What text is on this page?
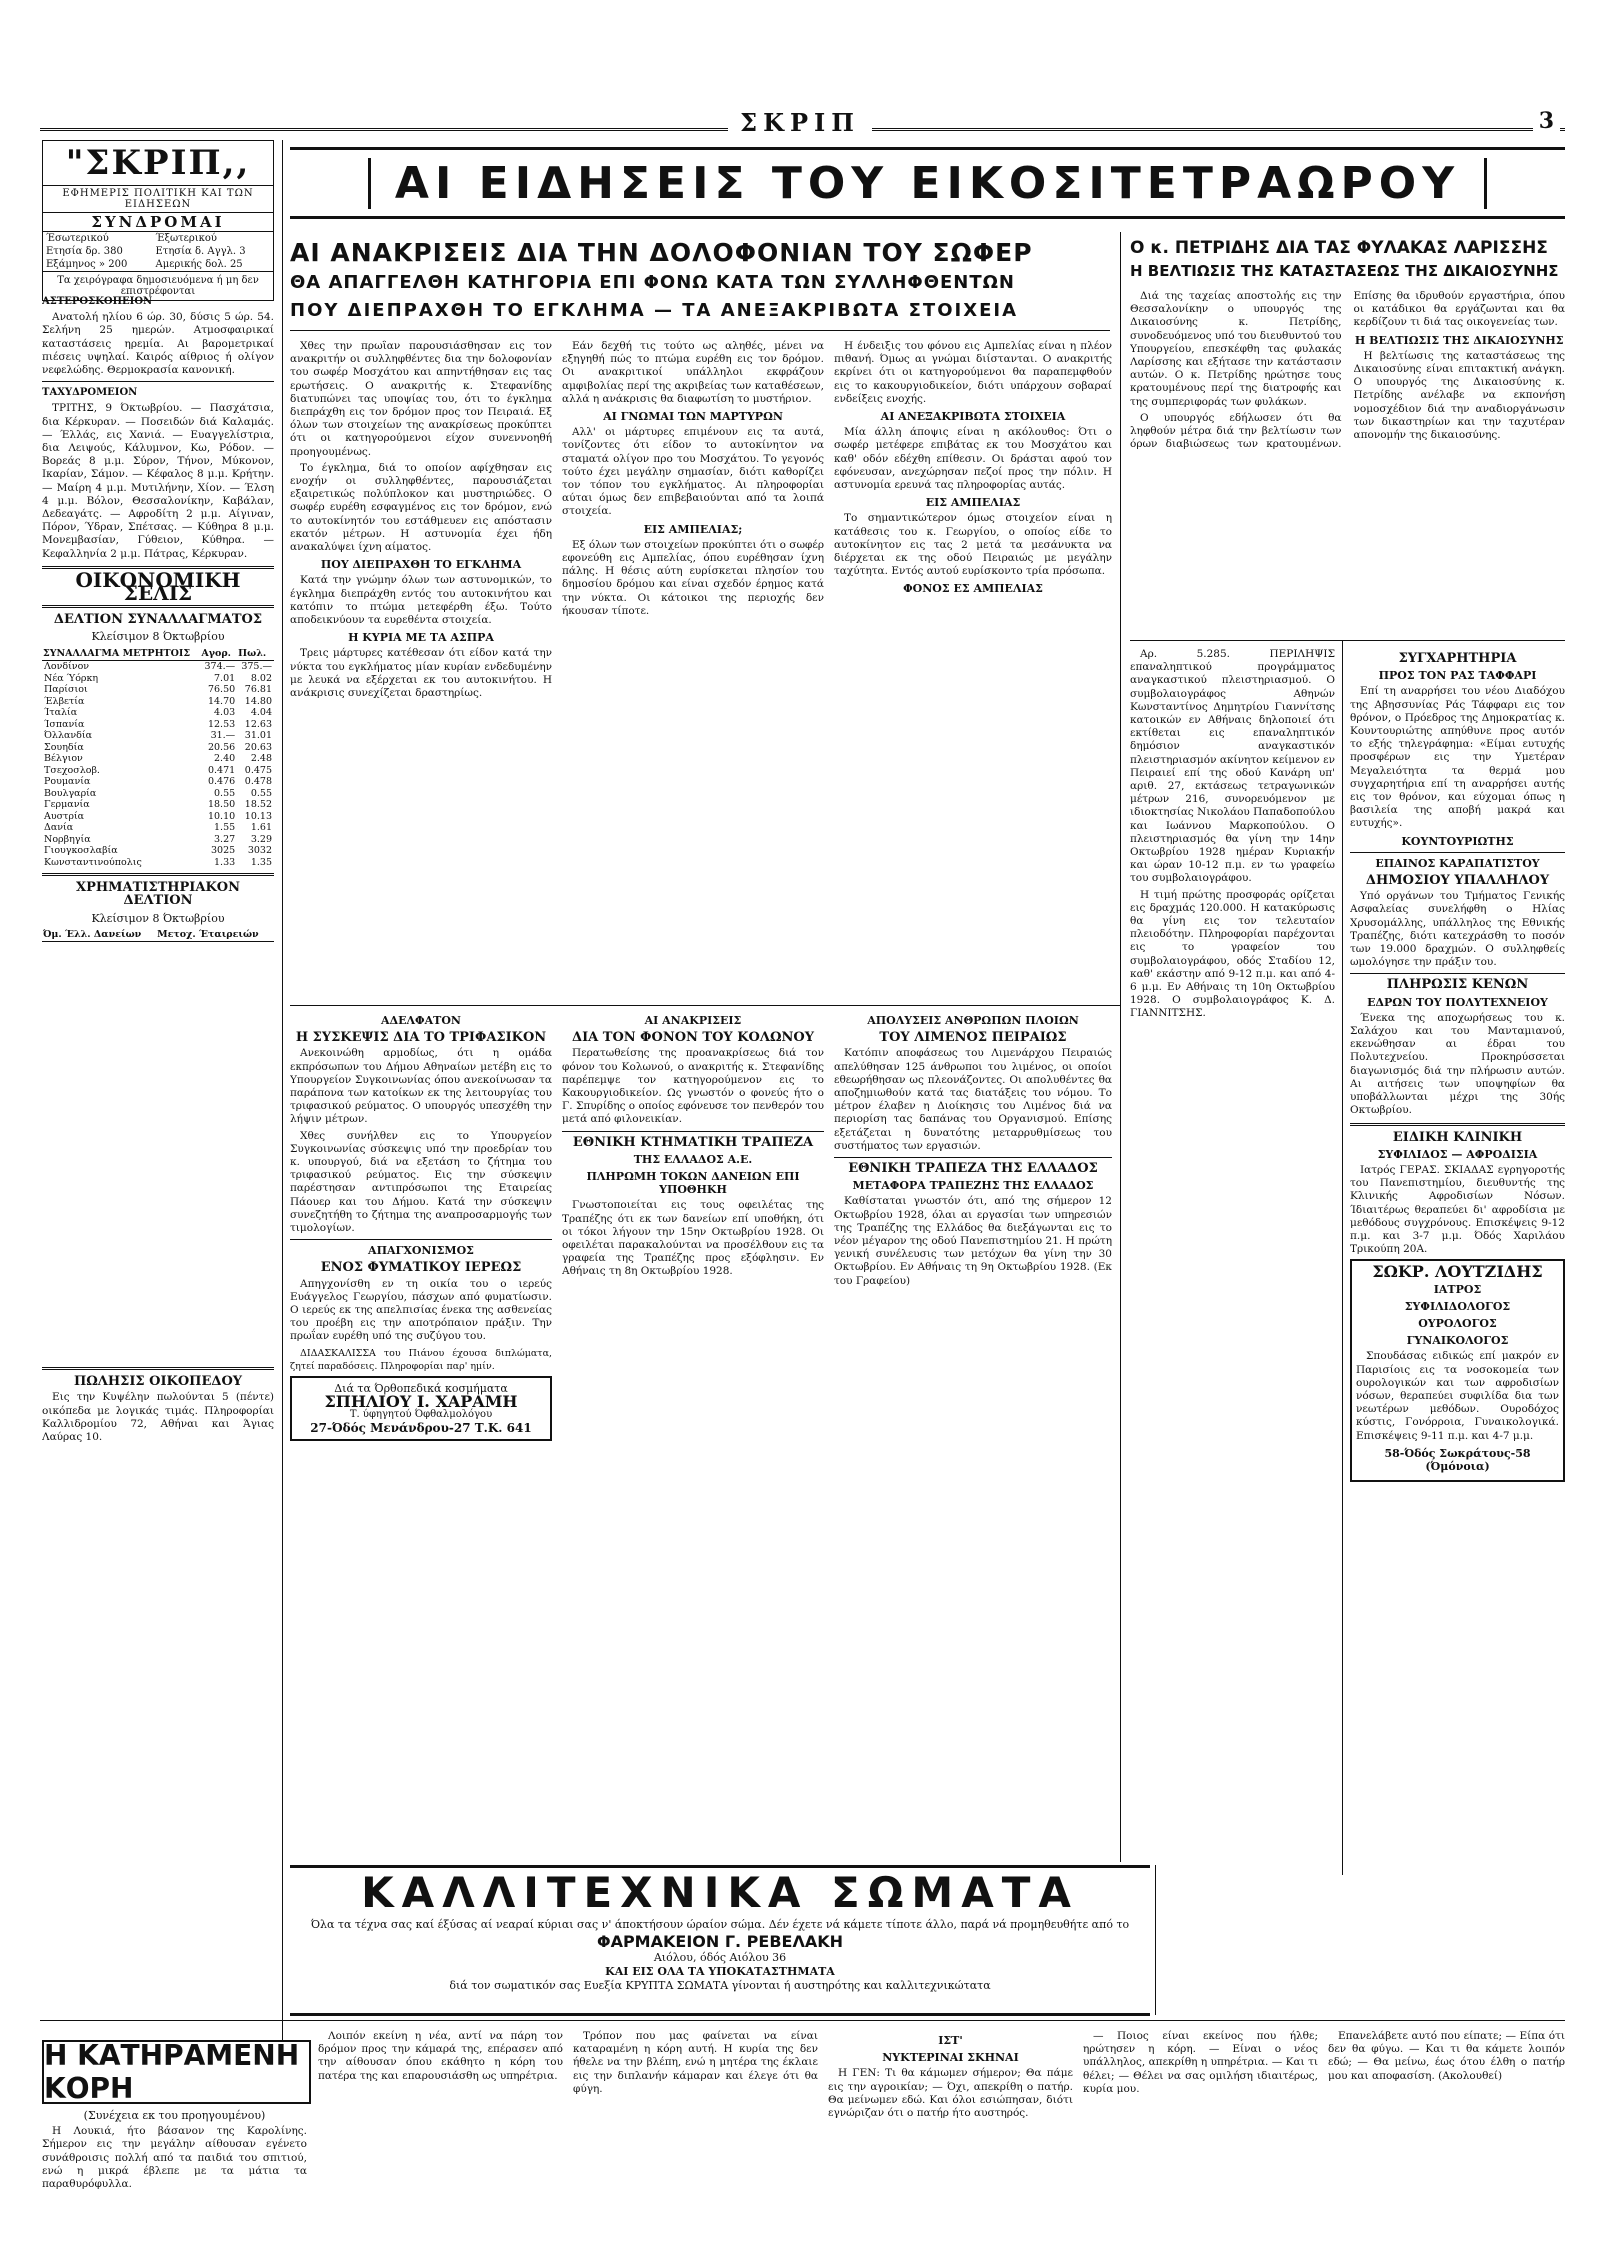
ΣΚΡΙΠ	3
"ΣΚΡΙΠ,,
ΕΦΗΜΕΡΙΣ ΠΟΛΙΤΙΚΗ ΚΑΙ ΤΩΝ ΕΙΔΗΣΕΩΝ
ΣΥΝΔΡΟΜΑΙ
Έσωτερικού	Έξωτερικού
Ετησία δρ. 380	Ετησία δ. Αγγλ. 3
Εξάμηνος » 200	Αμερικής δολ. 25
Τα χειρόγραφα δημοσιευόμενα ή μη δεν επιστρέφονται
ΑΙ ΕΙΔΗΣΕΙΣ ΤΟΥ ΕΙΚΟΣΙΤΕΤΡΑΩΡΟΥ
ΑΙ ΑΝΑΚΡΙΣΕΙΣ ΔΙΑ ΤΗΝ ΔΟΛΟΦΟΝΙΑΝ ΤΟΥ ΣΩΦΕΡ
ΘΑ ΑΠΑΓΓΕΛΘΗ ΚΑΤΗΓΟΡΙΑ ΕΠΙ ΦΟΝΩ ΚΑΤΑ ΤΩΝ ΣΥΛΛΗΦΘΕΝΤΩΝ
ΠΟΥ ΔΙΕΠΡΑΧΘΗ ΤΟ ΕΓΚΛΗΜΑ — ΤΑ ΑΝΕΞΑΚΡΙΒΩΤΑ ΣΤΟΙΧΕΙΑ
Ο κ. ΠΕΤΡΙΔΗΣ ΔΙΑ ΤΑΣ ΦΥΛΑΚΑΣ ΛΑΡΙΣΣΗΣ
Η ΒΕΛΤΙΩΣΙΣ ΤΗΣ ΚΑΤΑΣΤΑΣΕΩΣ ΤΗΣ ΔΙΚΑΙΟΣΥΝΗΣ
ΑΣΤΕΡΟΣΚΟΠΕΙΟΝ

Ανατολή ηλίου 6 ώρ. 30, δύσις 5 ώρ. 54. Σελήνη 25 ημερών. Ατμοσφαιρικαί καταστάσεις ηρεμία. Αι βαρομετρικαί πιέσεις υψηλαί. Καιρός αίθριος ή ολίγον νεφελώδης. Θερμοκρασία κανονική.

ΤΑΧΥΔΡΟΜΕΙΟΝ

ΤΡΙΤΗΣ, 9 Όκτωβρίου. — Πασχάτσια, δια Κέρκυραν. — Ποσειδών διά Καλαμάς. — Έλλάς, εις Χανιά. — Ευαγγελίστρια, δια Λειψούς, Κάλυμνον, Κω, Ρόδον. — Βορεάς 8 μ.μ. Σύρον, Τήνον, Μύκονον, Ικαρίαν, Σάμον. — Κέφαλος 8 μ.μ. Κρήτην. — Μαίρη 4 μ.μ. Μυτιλήνην, Χίον. — Έλση 4 μ.μ. Βόλον, Θεσσαλονίκην, Καβάλαν, Δεδεαγάτς. — Αφροδίτη 2 μ.μ. Αίγιναν, Πόρον, Ύδραν, Σπέτσας. — Κύθηρα 8 μ.μ. Μονεμβασίαν, Γύθειον, Κύθηρα. — Κεφαλληνία 2 μ.μ. Πάτρας, Κέρκυραν.

ΟΙΚΟΝΟΜΙΚΗ ΣΕΛΙΣ
ΔΕΛΤΙΟΝ ΣΥΝΑΛΛΑΓΜΑΤΟΣ
Κλείσιμον 8 Όκτωβρίου
ΣΥΝΑΛΛΑΓΜΑ ΜΕΤΡΗΤΟΙΣ	Αγορ.	Πωλ.
Λονδίνον	374.—	375.—
Νέα Ύόρκη	7.01	8.02
Παρίσιοι	76.50	76.81
Έλβετία	14.70	14.80
Ίταλία	4.03	4.04
Ίσπανία	12.53	12.63
Όλλανδία	31.—	31.01
Σουηδία	20.56	20.63
Βέλγιον	2.40	2.48
Τσεχοσλοβ.	0.471	0.475
Ρουμανία	0.476	0.478
Βουλγαρία	0.55	0.55
Γερμανία	18.50	18.52
Αυστρία	10.10	10.13
Δανία	1.55	1.61
Νορβηγία	3.27	3.29
Γιουγκοσλαβία	3025	3032
Κωνσταντινούπολις	1.33	1.35
ΧΡΗΜΑΤΙΣΤΗΡΙΑΚΟΝ ΔΕΛΤΙΟΝ
Κλείσιμον 8 Όκτωβρίου
Όμ. Έλλ. Δανείων	Μετοχ. Έταιρειών
ΠΩΛΗΣΙΣ ΟΙΚΟΠΕΔΟΥ

Εις την Κυψέλην πωλούνται 5 (πέντε) οικόπεδα με λογικάς τιμάς. Πληροφορίαι Καλλιδρομίου 72, Αθήναι και Άγιας Λαύρας 10.

Χθες την πρωΐαν παρουσιάσθησαν εις τον ανακριτήν οι συλληφθέντες δια την δολοφονίαν του σωφέρ Μοσχάτου και απηντήθησαν εις τας ερωτήσεις. Ο ανακριτής κ. Στεφανίδης διατυπώνει τας υποψίας του, ότι το έγκλημα διεπράχθη εις τον δρόμον προς τον Πειραιά. Εξ όλων των στοιχείων της ανακρίσεως προκύπτει ότι οι κατηγορούμενοι είχον συνεννοηθή προηγουμένως.

Το έγκλημα, διά το οποίον αφίχθησαν εις ενοχήν οι συλληφθέντες, παρουσιάζεται εξαιρετικώς πολύπλοκον και μυστηριώδες. Ο σωφέρ ευρέθη εσφαγμένος εις τον δρόμον, ενώ το αυτοκίνητόν του εστάθμευεν εις απόστασιν εκατόν μέτρων. Η αστυνομία έχει ήδη ανακαλύψει ίχνη αίματος.

ΠΟΥ ΔΙΕΠΡΑΧΘΗ ΤΟ ΕΓΚΛΗΜΑ

Κατά την γνώμην όλων των αστυνομικών, το έγκλημα διεπράχθη εντός του αυτοκινήτου και κατόπιν το πτώμα μετεφέρθη έξω. Τούτο αποδεικνύουν τα ευρεθέντα στοιχεία.

Η ΚΥΡΙΑ ΜΕ ΤΑ ΑΣΠΡΑ

Τρεις μάρτυρες κατέθεσαν ότι είδον κατά την νύκτα του εγκλήματος μίαν κυρίαν ενδεδυμένην με λευκά να εξέρχεται εκ του αυτοκινήτου. Η ανάκρισις συνεχίζεται δραστηρίως.

Εάν δεχθή τις τούτο ως αληθές, μένει να εξηγηθή πώς το πτώμα ευρέθη εις τον δρόμον. Οι ανακριτικοί υπάλληλοι εκφράζουν αμφιβολίας περί της ακριβείας των καταθέσεων, αλλά η ανάκρισις θα διαφωτίση το μυστήριον.

ΑΙ ΓΝΩΜΑΙ ΤΩΝ ΜΑΡΤΥΡΩΝ

Αλλ' οι μάρτυρες επιμένουν εις τα αυτά, τονίζοντες ότι είδον το αυτοκίνητον να σταματά ολίγον προ του Μοσχάτου. Το γεγονός τούτο έχει μεγάλην σημασίαν, διότι καθορίζει τον τόπον του εγκλήματος. Αι πληροφορίαι αύται όμως δεν επιβεβαιούνται από τα λοιπά στοιχεία.

ΕΙΣ ΑΜΠΕΛΙΑΣ;

Εξ όλων των στοιχείων προκύπτει ότι ο σωφέρ εφονεύθη εις Αμπελίας, όπου ευρέθησαν ίχνη πάλης. Η θέσις αύτη ευρίσκεται πλησίον του δημοσίου δρόμου και είναι σχεδόν έρημος κατά την νύκτα. Οι κάτοικοι της περιοχής δεν ήκουσαν τίποτε.

Η ένδειξις του φόνου εις Αμπελίας είναι η πλέον πιθανή. Όμως αι γνώμαι διίστανται. Ο ανακριτής εκρίνει ότι οι κατηγορούμενοι θα παραπεμφθούν εις το κακουργιοδικείον, διότι υπάρχουν σοβαραί ενδείξεις ενοχής.

ΑΙ ΑΝΕΞΑΚΡΙΒΩΤΑ ΣΤΟΙΧΕΙΑ

Μία άλλη άποψις είναι η ακόλουθος: Ότι ο σωφέρ μετέφερε επιβάτας εκ του Μοσχάτου και καθ' οδόν εδέχθη επίθεσιν. Οι δράσται αφού τον εφόνευσαν, ανεχώρησαν πεζοί προς την πόλιν. Η αστυνομία ερευνά τας πληροφορίας αυτάς.

ΕΙΣ ΑΜΠΕΛΙΑΣ

Το σημαντικώτερον όμως στοιχείον είναι η κατάθεσις του κ. Γεωργίου, ο οποίος είδε το αυτοκίνητον εις τας 2 μετά τα μεσάνυκτα να διέρχεται εκ της οδού Πειραιώς με μεγάλην ταχύτητα. Εντός αυτού ευρίσκοντο τρία πρόσωπα.

ΦΟΝΟΣ ΕΣ ΑΜΠΕΛΙΑΣ

Διά της ταχείας αποστολής εις την Θεσσαλονίκην ο υπουργός της Δικαιοσύνης κ. Πετρίδης, συνοδευόμενος υπό του διευθυντού του Υπουργείου, επεσκέφθη τας φυλακάς Λαρίσσης και εξήτασε την κατάστασιν αυτών. Ο κ. Πετρίδης ηρώτησε τους κρατουμένους περί της διατροφής και της συμπεριφοράς των φυλάκων.

Ο υπουργός εδήλωσεν ότι θα ληφθούν μέτρα διά την βελτίωσιν των όρων διαβιώσεως των κρατουμένων. Επίσης θα ιδρυθούν εργαστήρια, όπου οι κατάδικοι θα εργάζωνται και θα κερδίζουν τι διά τας οικογενείας των.

Η ΒΕΛΤΙΩΣΙΣ ΤΗΣ ΔΙΚΑΙΟΣΥΝΗΣ

Η βελτίωσις της καταστάσεως της Δικαιοσύνης είναι επιτακτική ανάγκη. Ο υπουργός της Δικαιοσύνης κ. Πετρίδης ανέλαβε να εκπονήση νομοσχέδιον διά την αναδιοργάνωσιν των δικαστηρίων και την ταχυτέραν απονομήν της δικαιοσύνης.

Αρ. 5.285. ΠΕΡΙΛΗΨΙΣ επαναληπτικού προγράμματος αναγκαστικού πλειστηριασμού. Ο συμβολαιογράφος Αθηνών Κωνσταντίνος Δημητρίου Γιαννίτσης κατοικών εν Αθήναις δηλοποιεί ότι εκτίθεται εις επαναληπτικόν δημόσιον αναγκαστικόν πλειστηριασμόν ακίνητον κείμενον εν Πειραιεί επί της οδού Κανάρη υπ' αριθ. 27, εκτάσεως τετραγωνικών μέτρων 216, συνορευόμενον με ιδιοκτησίας Νικολάου Παπαδοπούλου και Ιωάννου Μαρκοπούλου. Ο πλειστηριασμός θα γίνη την 14ην Οκτωβρίου 1928 ημέραν Κυριακήν και ώραν 10-12 π.μ. εν τω γραφείω του συμβολαιογράφου.

Η τιμή πρώτης προσφοράς ορίζεται εις δραχμάς 120.000. Η κατακύρωσις θα γίνη εις τον τελευταίον πλειοδότην. Πληροφορίαι παρέχονται εις το γραφείον του συμβολαιογράφου, οδός Σταδίου 12, καθ' εκάστην από 9-12 π.μ. και από 4-6 μ.μ. Εν Αθήναις τη 10η Οκτωβρίου 1928. Ο συμβολαιογράφος Κ. Δ. ΓΙΑΝΝΙΤΣΗΣ.

ΣΥΓΧΑΡΗΤΗΡΙΑ
ΠΡΟΣ ΤΟΝ ΡΑΣ ΤΑΦΦΑΡΙ

Επί τη αναρρήσει του νέου Διαδόχου της Αβησσυνίας Ράς Τάφφαρι εις τον θρόνον, ο Πρόεδρος της Δημοκρατίας κ. Κουντουριώτης απηύθυνε προς αυτόν το εξής τηλεγράφημα: «Είμαι ευτυχής προσφέρων εις την Υμετέραν Μεγαλειότητα τα θερμά μου συγχαρητήρια επί τη αναρρήσει αυτής εις τον θρόνον, και εύχομαι όπως η βασιλεία της αποβή μακρά και ευτυχής».

ΚΟΥΝΤΟΥΡΙΩΤΗΣ
ΕΠΑΙΝΟΣ ΚΑΡΑΠΑΤΙΣΤΟΥ
ΔΗΜΟΣΙΟΥ ΥΠΑΛΛΗΛΟΥ

Υπό οργάνων του Τμήματος Γενικής Ασφαλείας συνελήφθη ο Ηλίας Χρυσομάλλης, υπάλληλος της Εθνικής Τραπέζης, διότι κατεχράσθη το ποσόν των 19.000 δραχμών. Ο συλληφθείς ωμολόγησε την πράξιν του.

ΠΛΗΡΩΣΙΣ ΚΕΝΩΝ
ΕΔΡΩΝ ΤΟΥ ΠΟΛΥΤΕΧΝΕΙΟΥ

Ένεκα της αποχωρήσεως του κ. Σαλάχου και του Μανταμιανού, εκενώθησαν αι έδραι του Πολυτεχνείου. Προκηρύσσεται διαγωνισμός διά την πλήρωσιν αυτών. Αι αιτήσεις των υποψηφίων θα υποβάλλωνται μέχρι της 30ής Οκτωβρίου.

ΕΙΔΙΚΗ ΚΛΙΝΙΚΗ
ΣΥΦΙΛΙΔΟΣ — ΑΦΡΟΔΙΣΙΑ

Ιατρός ΓΕΡΑΣ. ΣΚΙΑΔΑΣ εγρηγοροτής του Πανεπιστημίου, διευθυντής της Κλινικής Αφροδισίων Νόσων. Ίδιαιτέρως θεραπεύει δι' αφροδίσια με μεθόδους συγχρόνους. Επισκέψεις 9-12 π.μ. και 3-7 μ.μ. Όδός Χαριλάου Τρικούπη 20Α.

ΣΩΚΡ. ΛΟΥΤΖΙΔΗΣ
ΙΑΤΡΟΣ
ΣΥΦΙΛΙΔΟΛΟΓΟΣ
ΟΥΡΟΛΟΓΟΣ
ΓΥΝΑΙΚΟΛΟΓΟΣ

Σπουδάσας ειδικώς επί μακρόν εν Παρισίοις εις τα νοσοκομεία των ουρολογικών και των αφροδισίων νόσων, θεραπεύει συφιλίδα δια των νεωτέρων μεθόδων. Ουροδόχος κύστις, Γονόρροια, Γυναικολογικά. Επισκέψεις 9-11 π.μ. και 4-7 μ.μ.

58-Όδός Σωκράτους-58 (Όμόνοια)
ΑΔΕΛΦΑΤΟΝ
Η ΣΥΣΚΕΨΙΣ ΔΙΑ ΤΟ ΤΡΙΦΑΣΙΚΟΝ

Ανεκοινώθη αρμοδίως, ότι η ομάδα εκπρόσωπων του Δήμου Αθηναίων μετέβη εις το Υπουργείον Συγκοινωνίας όπου ανεκοίνωσαν τα παράπονα των κατοίκων εκ της λειτουργίας του τριφασικού ρεύματος. Ο υπουργός υπεσχέθη την λήψιν μέτρων.

Χθες συνήλθεν εις το Υπουργείον Συγκοινωνίας σύσκεψις υπό την προεδρίαν του κ. υπουργού, διά να εξετάση το ζήτημα του τριφασικού ρεύματος. Εις την σύσκεψιν παρέστησαν αντιπρόσωποι της Εταιρείας Πάουερ και του Δήμου. Κατά την σύσκεψιν συνεζητήθη το ζήτημα της αναπροσαρμογής των τιμολογίων.

ΑΠΑΓΧΟΝΙΣΜΟΣ
ΕΝΟΣ ΦΥΜΑΤΙΚΟΥ ΙΕΡΕΩΣ

Απηγχονίσθη εν τη οικία του ο ιερεύς Ευάγγελος Γεωργίου, πάσχων από φυματίωσιν. Ο ιερεύς εκ της απελπισίας ένεκα της ασθενείας του προέβη εις την αποτρόπαιον πράξιν. Την πρωΐαν ευρέθη υπό της συζύγου του.

ΔΙΔΑΣΚΑΛΙΣΣΑ του Πιάνου έχουσα διπλώματα, ζητεί παραδόσεις. Πληροφορίαι παρ' ημίν.

Διά τα Όρθοπεδικά κοσμήματα
ΣΠΗΛΙΟΥ Ι. ΧΑΡΑΜΗ
Τ. ύφηγητού Όφθαλμολόγου
27-Όδός Μενάνδρου-27 Τ.Κ. 641
ΑΙ ΑΝΑΚΡΙΣΕΙΣ
ΔΙΑ ΤΟΝ ΦΟΝΟΝ ΤΟΥ ΚΟΛΩΝΟΥ

Περατωθείσης της προανακρίσεως διά τον φόνον του Κολωνού, ο ανακριτής κ. Στεφανίδης παρέπεμψε τον κατηγορούμενον εις το Κακουργιοδικείον. Ως γνωστόν ο φονεύς ήτο ο Γ. Σπυρίδης ο οποίος εφόνευσε τον πενθερόν του μετά από φιλονεικίαν.

ΕΘΝΙΚΗ ΚΤΗΜΑΤΙΚΗ ΤΡΑΠΕΖΑ
ΤΗΣ ΕΛΛΑΔΟΣ Α.Ε.
ΠΛΗΡΩΜΗ ΤΟΚΩΝ ΔΑΝΕΙΩΝ ΕΠΙ ΥΠΟΘΗΚΗ

Γνωστοποιείται εις τους οφειλέτας της Τραπέζης ότι εκ των δανείων επί υποθήκη, ότι οι τόκοι λήγουν την 15ην Οκτωβρίου 1928. Οι οφειλέται παρακαλούνται να προσέλθουν εις τα γραφεία της Τραπέζης προς εξόφλησιν. Εν Αθήναις τη 8η Οκτωβρίου 1928.

ΑΠΟΛΥΣΕΙΣ ΑΝΘΡΩΠΩΝ ΠΛΟΙΩΝ
ΤΟΥ ΛΙΜΕΝΟΣ ΠΕΙΡΑΙΩΣ

Κατόπιν αποφάσεως του Λιμενάρχου Πειραιώς απελύθησαν 125 άνθρωποι του λιμένος, οι οποίοι εθεωρήθησαν ως πλεονάζοντες. Οι απολυθέντες θα αποζημιωθούν κατά τας διατάξεις του νόμου. Το μέτρον έλαβεν η Διοίκησις του Λιμένος διά να περιορίση τας δαπάνας του Οργανισμού. Επίσης εξετάζεται η δυνατότης μεταρρυθμίσεως του συστήματος των εργασιών.

ΕΘΝΙΚΗ ΤΡΑΠΕΖΑ ΤΗΣ ΕΛΛΑΔΟΣ
ΜΕΤΑΦΟΡΑ ΤΡΑΠΕΖΗΣ ΤΗΣ ΕΛΛΑΔΟΣ

Καθίσταται γνωστόν ότι, από της σήμερον 12 Οκτωβρίου 1928, όλαι αι εργασίαι των υπηρεσιών της Τραπέζης της Ελλάδος θα διεξάγωνται εις το νέον μέγαρον της οδού Πανεπιστημίου 21. Η πρώτη γενική συνέλευσις των μετόχων θα γίνη την 30 Οκτωβρίου. Εν Αθήναις τη 9η Οκτωβρίου 1928. (Εκ του Γραφείου)

ΚΑΛΛΙΤΕΧΝΙΚΑ ΣΩΜΑΤΑ
Όλα τα τέχνα σας καί έξύσας αί νεαραί κύριαι σας ν' άποκτήσουν ώραίον σώμα. Δέν έχετε νά κάμετε τίποτε άλλο, παρά νά προμηθευθήτε από το
ΦΑΡΜΑΚΕΙΟΝ Γ. ΡΕΒΕΛΑΚΗ
Αιόλου, όδός Αιόλου 36
ΚΑΙ ΕΙΣ ΟΛΑ ΤΑ ΥΠΟΚΑΤΑΣΤΗΜΑΤΑ
διά τον σωματικόν σας Ευεξία ΚΡΥΠΤΑ ΣΩΜΑΤΑ γίνονται ή αυστηρότης και καλλιτεχνικώτατα
Η ΚΑΤΗΡΑΜΕΝΗ ΚΟΡΗ
(Συνέχεια εκ του προηγουμένου)

Η Λουκιά, ήτο βάσανον της Καρολίνης. Σήμερον εις την μεγάλην αίθουσαν εγένετο συνάθροισις πολλή από τα παιδιά του σπιτιού, ενώ η μικρά έβλεπε με τα μάτια τα παραθυρόφυλλα.

Λοιπόν εκείνη η νέα, αντί να πάρη τον δρόμον προς την κάμαρά της, επέρασεν από την αίθουσαν όπου εκάθητο η κόρη του πατέρα της και επαρουσιάσθη ως υπηρέτρια.

Τρόπον που μας φαίνεται να είναι καταραμένη η κόρη αυτή. Η κυρία της δεν ήθελε να την βλέπη, ενώ η μητέρα της έκλαιε εις την διπλανήν κάμαραν και έλεγε ότι θα φύγη.

ΙΣΤ'
ΝΥΚΤΕΡΙΝΑΙ ΣΚΗΝΑΙ

Η ΓΕΝ: Τι θα κάμωμεν σήμερον; Θα πάμε εις την αγροικίαν; — Όχι, απεκρίθη ο πατήρ. Θα μείνωμεν εδώ. Και όλοι εσιώπησαν, διότι εγνώριζαν ότι ο πατήρ ήτο αυστηρός.

— Ποιος είναι εκείνος που ήλθε; ηρώτησεν η κόρη. — Είναι ο νέος υπάλληλος, απεκρίθη η υπηρέτρια. — Και τι θέλει; — Θέλει να σας ομιλήση ιδιαιτέρως, κυρία μου.

Επανελάβετε αυτό που είπατε; — Είπα ότι δεν θα φύγω. — Και τι θα κάμετε λοιπόν εδώ; — Θα μείνω, έως ότου έλθη ο πατήρ μου και αποφασίση. (Ακολουθεί)
